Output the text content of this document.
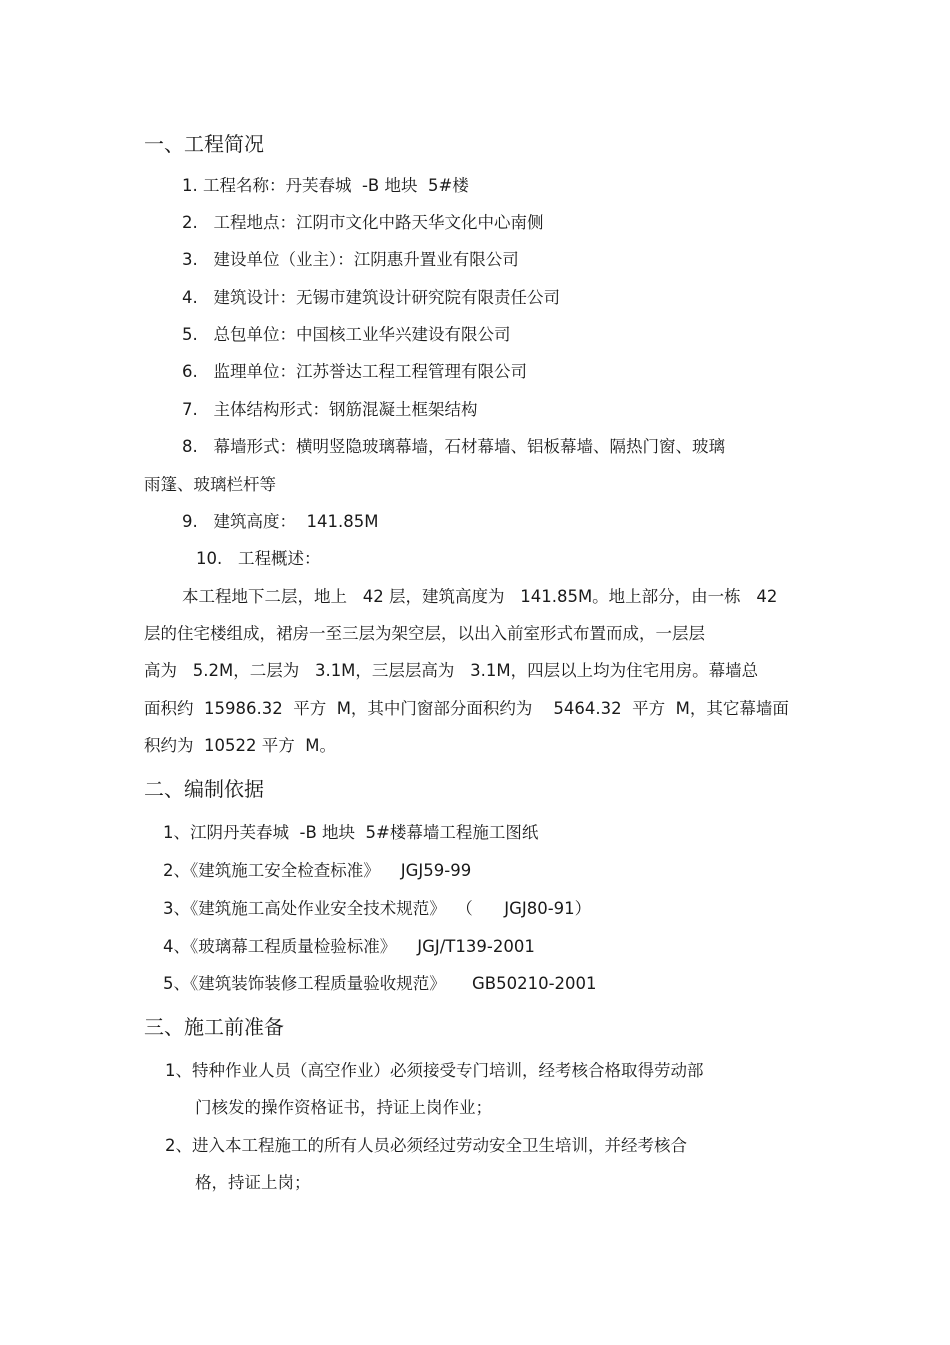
一、工程简况
1. 工程名称：丹芙春城  -B 地块  5#楼
2.   工程地点：江阴市文化中路天华文化中心南侧
3.   建设单位（业主）：江阴惠升置业有限公司
4.   建筑设计：无锡市建筑设计研究院有限责任公司
5.   总包单位：中国核工业华兴建设有限公司
6.   监理单位：江苏誉达工程工程管理有限公司
7.   主体结构形式：钢筋混凝土框架结构
8.   幕墙形式：横明竖隐玻璃幕墙，石材幕墙、铝板幕墙、隔热门窗、玻璃
雨篷、玻璃栏杆等
9.   建筑高度：  141.85M
10.   工程概述：
本工程地下二层，地上   42 层，建筑高度为   141.85M。地上部分，由一栋   42
层的住宅楼组成，裙房一至三层为架空层，以出入前室形式布置而成，一层层
高为   5.2M，二层为   3.1M，三层层高为   3.1M，四层以上均为住宅用房。幕墙总
面积约  15986.32  平方  M，其中门窗部分面积约为    5464.32  平方  M，其它幕墙面
积约为  10522 平方  M。
二、编制依据
1、江阴丹芙春城  -B 地块  5#楼幕墙工程施工图纸
2、《建筑施工安全检查标准》    JGJ59-99
3、《建筑施工高处作业安全技术规范》  （      JGJ80-91）
4、《玻璃幕工程质量检验标准》    JGJ/T139-2001
5、《建筑装饰装修工程质量验收规范》     GB50210-2001
三、施工前准备
1、特种作业人员（高空作业）必须接受专门培训，经考核合格取得劳动部
门核发的操作资格证书，持证上岗作业；
2、进入本工程施工的所有人员必须经过劳动安全卫生培训，并经考核合
格，持证上岗；
